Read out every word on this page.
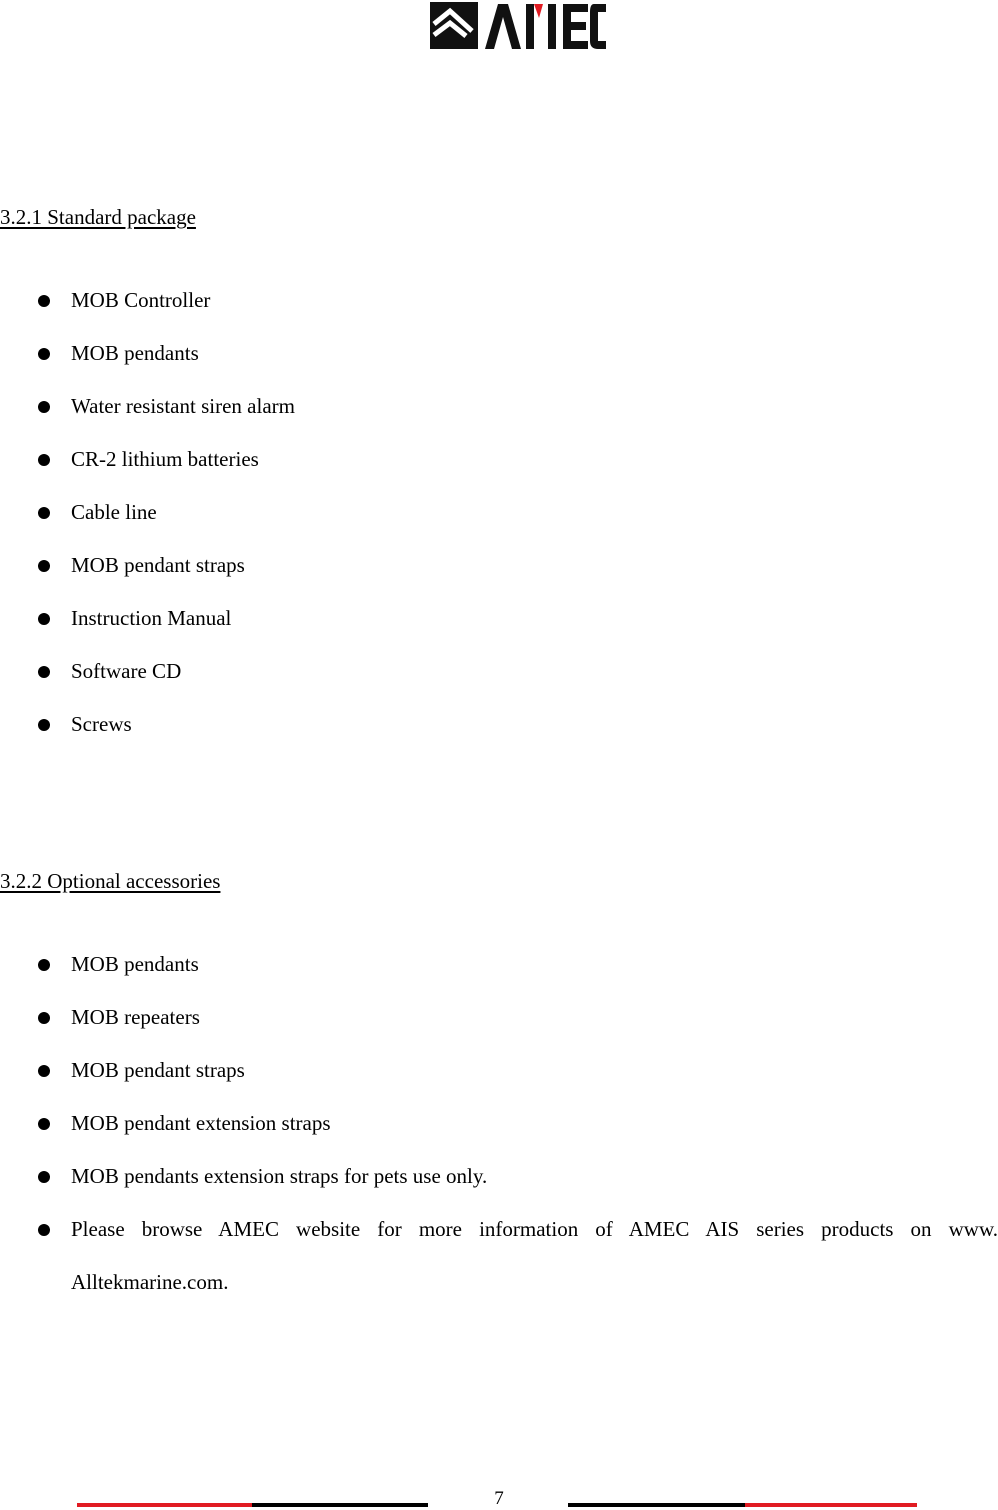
3.2.1 Standard package
MOB Controller
MOB pendants
Water resistant siren alarm
CR-2 lithium batteries
Cable line
MOB pendant straps
Instruction Manual
Software CD
Screws
3.2.2 Optional accessories
MOB pendants
MOB repeaters
MOB pendant straps
MOB pendant extension straps
MOB pendants extension straps for pets use only.
Please browse AMEC website for more information of AMEC AIS series products on www. Alltekmarine.com.
7
